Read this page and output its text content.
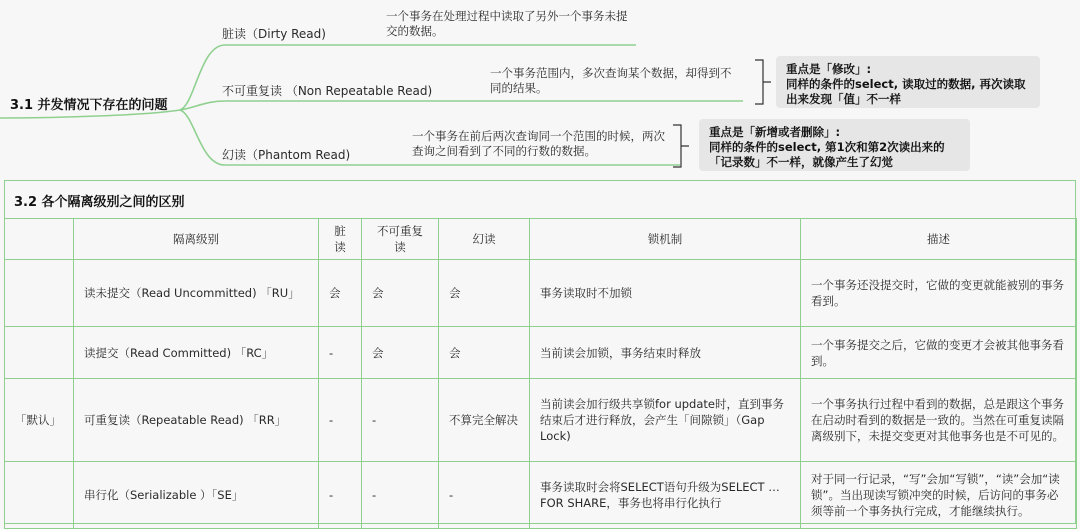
3.1 并发情况下存在的问题
脏读（Dirty Read)
一个事务在处理过程中读取了另外一个事务未提交的数据。
不可重复读 （Non Repeatable Read)
一个事务范围内，多次查询某个数据，却得到不同的结果。
重点是「修改」:
同样的条件的select, 读取过的数据, 再次读取出来发现「值」不一样
幻读（Phantom Read)
一个事务在前后两次查询同一个范围的时候，两次查询之间看到了不同的行数的数据。
重点是「新增或者删除」:
同样的条件的select, 第1次和第2次读出来的「记录数」不一样，就像产生了幻觉
3.2 各个隔离级别之间的区别
	隔离级别	脏读	不可重复读	幻读	锁机制	描述
	读未提交（Read Uncommitted) 「RU」	会	会	会	事务读取时不加锁	一个事务还没提交时，它做的变更就能被别的事务看到。
	读提交（Read Committed) 「RC」	-	会	会	当前读会加锁，事务结束时释放	一个事务提交之后，它做的变更才会被其他事务看到。
「默认」	可重复读（Repeatable Read) 「RR」	-	-	不算完全解决	当前读会加行级共享锁for update时，直到事务结束后才进行释放，会产生「间隙锁」（Gap Lock)	一个事务执行过程中看到的数据，总是跟这个事务在启动时看到的数据是一致的。当然在可重复读隔离级别下，未提交变更对其他事务也是不可见的。
	串行化（Serializable ）「SE」	-	-	-	事务读取时会将SELECT语句升级为SELECT … FOR SHARE，事务也将串行化执行	对于同一行记录，“写”会加“写锁”，“读”会加“读锁”。当出现读写锁冲突的时候，后访问的事务必须等前一个事务执行完成，才能继续执行。
